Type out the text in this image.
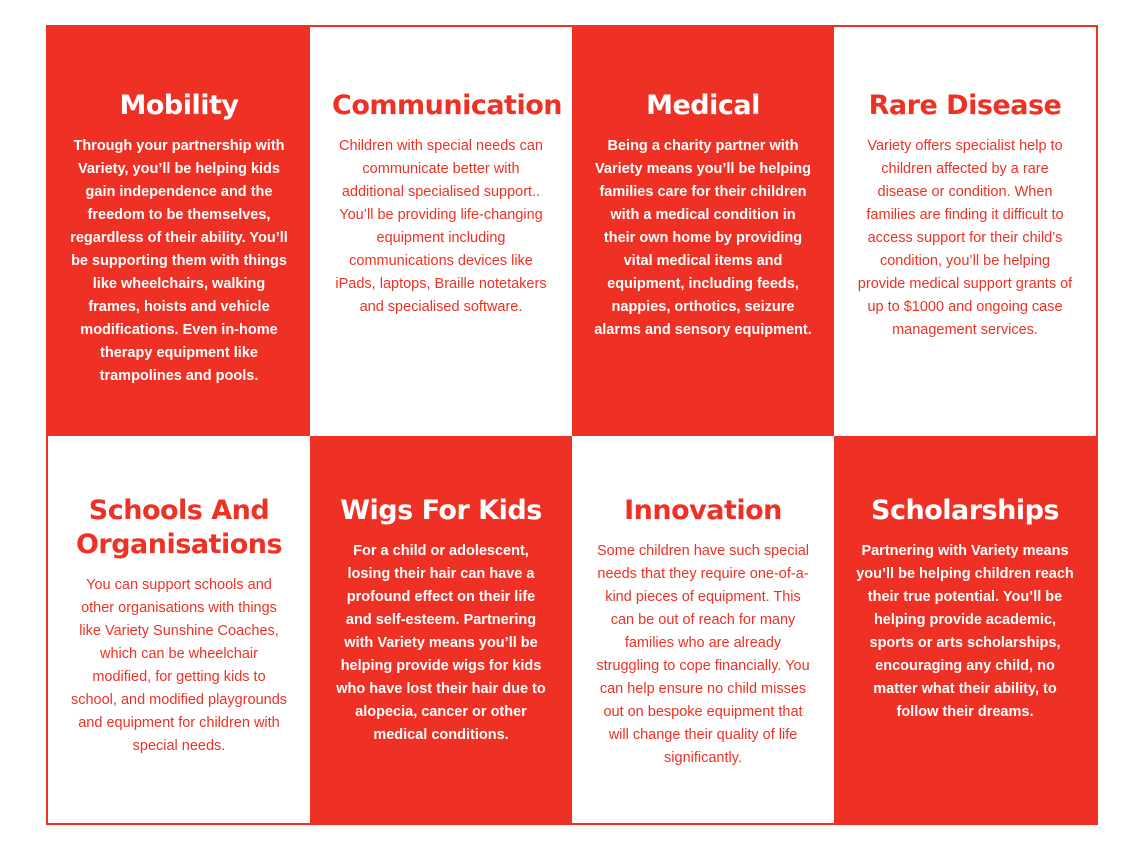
Mobility

Through your partnership with Variety, you’ll be helping kids gain independence and the freedom to be themselves, regardless of their ability. You’ll be supporting them with things like wheelchairs, walking frames, hoists and vehicle modifications. Even in-home therapy equipment like trampolines and pools.

Communication

Children with special needs can communicate better with additional specialised support.. You’ll be providing life-changing equipment including communications devices like iPads, laptops, Braille notetakers and specialised software.

Medical

Being a charity partner with Variety means you’ll be helping families care for their children with a medical condition in their own home by providing vital medical items and equipment, including feeds, nappies, orthotics, seizure alarms and sensory equipment.

Rare Disease

Variety offers specialist help to children affected by a rare disease or condition. When families are finding it difficult to access support for their child’s condition, you’ll be helping provide medical support grants of up to $1000 and ongoing case management services.

Schools And Organisations

You can support schools and other organisations with things like Variety Sunshine Coaches, which can be wheelchair modified, for getting kids to school, and modified playgrounds and equipment for children with special needs.

Wigs For Kids

For a child or adolescent, losing their hair can have a profound effect on their life and self-esteem. Partnering with Variety means you’ll be helping provide wigs for kids who have lost their hair due to alopecia, cancer or other medical conditions.

Innovation

Some children have such special needs that they require one-of-a-kind pieces of equipment. This can be out of reach for many families who are already struggling to cope financially. You can help ensure no child misses out on bespoke equipment that will change their quality of life significantly.

Scholarships

Partnering with Variety means you’ll be helping children reach their true potential. You’ll be helping provide academic, sports or arts scholarships, encouraging any child, no matter what their ability, to follow their dreams.
